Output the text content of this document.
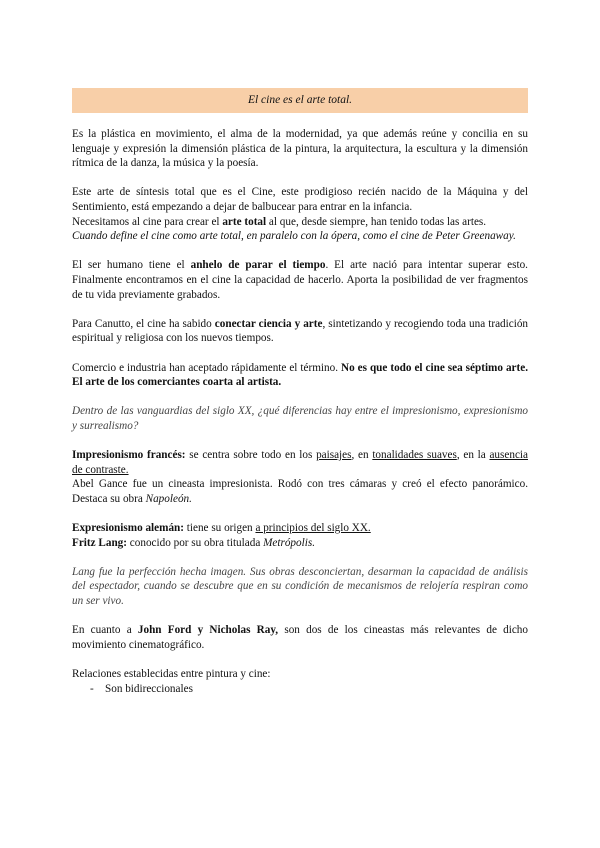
El cine es el arte total.

Es la plástica en movimiento, el alma de la modernidad, ya que además reúne y concilia en su lenguaje y expresión la dimensión plástica de la pintura, la arquitectura, la escultura y la dimensión rítmica de la danza, la música y la poesía.

Este arte de síntesis total que es el Cine, este prodigioso recién nacido de la Máquina y del Sentimiento, está empezando a dejar de balbucear para entrar en la infancia.

Necesitamos al cine para crear el arte total al que, desde siempre, han tenido todas las artes.

Cuando define el cine como arte total, en paralelo con la ópera, como el cine de Peter Greenaway.

El ser humano tiene el anhelo de parar el tiempo. El arte nació para intentar superar esto. Finalmente encontramos en el cine la capacidad de hacerlo. Aporta la posibilidad de ver fragmentos de tu vida previamente grabados.

Para Canutto, el cine ha sabido conectar ciencia y arte, sintetizando y recogiendo toda una tradición espiritual y religiosa con los nuevos tiempos.

Comercio e industria han aceptado rápidamente el término. No es que todo el cine sea séptimo arte. El arte de los comerciantes coarta al artista.

Dentro de las vanguardias del siglo XX, ¿qué diferencias hay entre el impresionismo, expresionismo y surrealismo?

Impresionismo francés: se centra sobre todo en los paisajes, en tonalidades suaves, en la ausencia de contraste.

Abel Gance fue un cineasta impresionista. Rodó con tres cámaras y creó el efecto panorámico. Destaca su obra Napoleón.

Expresionismo alemán: tiene su origen a principios del siglo XX.

Fritz Lang: conocido por su obra titulada Metrópolis.

Lang fue la perfección hecha imagen. Sus obras desconciertan, desarman la capacidad de análisis del espectador, cuando se descubre que en su condición de mecanismos de relojería respiran como un ser vivo.

En cuanto a John Ford y Nicholas Ray, son dos de los cineastas más relevantes de dicho movimiento cinematográfico.

Relaciones establecidas entre pintura y cine:

- Son bidireccionales
